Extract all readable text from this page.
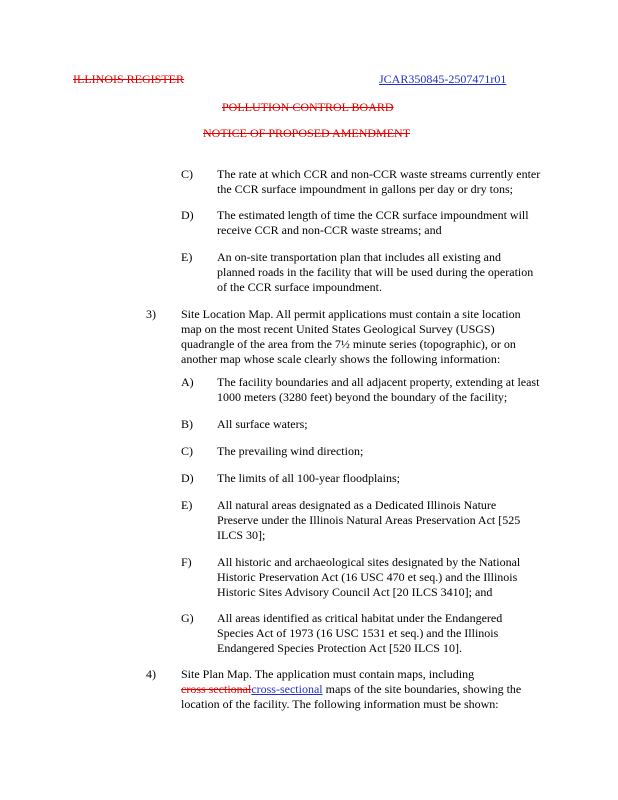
ILLINOIS REGISTER	JCAR350845-2507471r01
POLLUTION CONTROL BOARD
NOTICE OF PROPOSED AMENDMENT
C) The rate at which CCR and non-CCR waste streams currently enter
the CCR surface impoundment in gallons per day or dry tons;
D) The estimated length of time the CCR surface impoundment will
receive CCR and non-CCR waste streams; and
E) An on-site transportation plan that includes all existing and
planned roads in the facility that will be used during the operation
of the CCR surface impoundment.
3) Site Location Map. All permit applications must contain a site location
map on the most recent United States Geological Survey (USGS)
quadrangle of the area from the 7½ minute series (topographic), or on
another map whose scale clearly shows the following information:
A) The facility boundaries and all adjacent property, extending at least
1000 meters (3280 feet) beyond the boundary of the facility;
B) All surface waters;
C) The prevailing wind direction;
D) The limits of all 100-year floodplains;
E) All natural areas designated as a Dedicated Illinois Nature
Preserve under the Illinois Natural Areas Preservation Act [525
ILCS 30];
F) All historic and archaeological sites designated by the National
Historic Preservation Act (16 USC 470 et seq.) and the Illinois
Historic Sites Advisory Council Act [20 ILCS 3410]; and
G) All areas identified as critical habitat under the Endangered
Species Act of 1973 (16 USC 1531 et seq.) and the Illinois
Endangered Species Protection Act [520 ILCS 10].
4) Site Plan Map. The application must contain maps, including
cross sectionalcross-sectional maps of the site boundaries, showing the
location of the facility. The following information must be shown:
